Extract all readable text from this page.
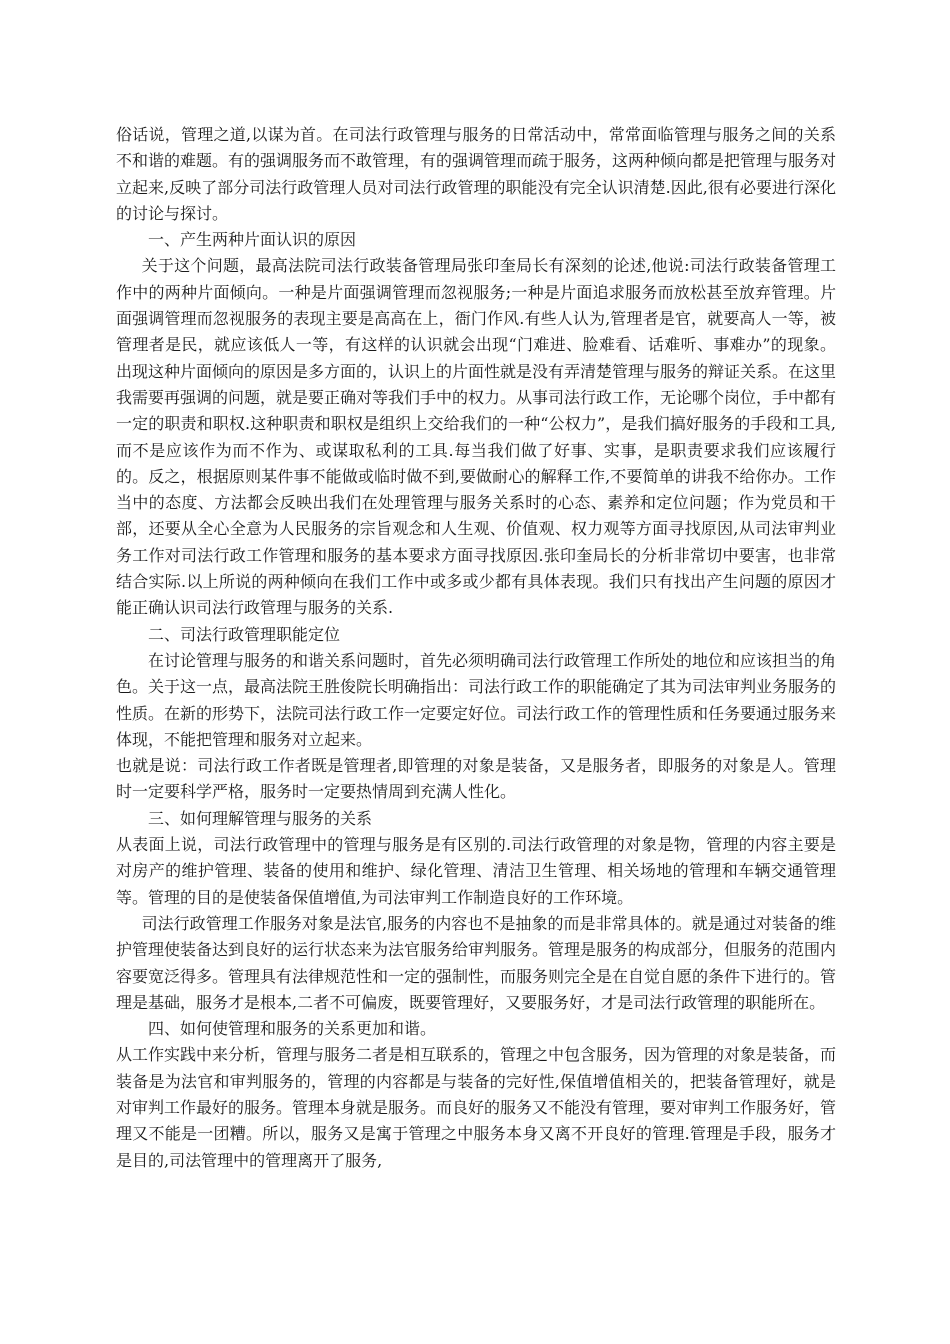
俗话说，管理之道,以谋为首。在司法行政管理与服务的日常活动中，常常面临管理与服务之间的关系不和谐的难题。有的强调服务而不敢管理，有的强调管理而疏于服务，这两种倾向都是把管理与服务对立起来,反映了部分司法行政管理人员对司法行政管理的职能没有完全认识清楚.因此,很有必要进行深化的讨论与探讨。

一、产生两种片面认识的原因

关于这个问题，最高法院司法行政装备管理局张印奎局长有深刻的论述,他说:司法行政装备管理工作中的两种片面倾向。一种是片面强调管理而忽视服务;一种是片面追求服务而放松甚至放弃管理。片面强调管理而忽视服务的表现主要是高高在上，衙门作风.有些人认为,管理者是官，就要高人一等，被管理者是民，就应该低人一等，有这样的认识就会出现“门难进、脸难看、话难听、事难办”的现象。出现这种片面倾向的原因是多方面的，认识上的片面性就是没有弄清楚管理与服务的辩证关系。在这里我需要再强调的问题，就是要正确对等我们手中的权力。从事司法行政工作，无论哪个岗位，手中都有一定的职责和职权.这种职责和职权是组织上交给我们的一种“公权力”，是我们搞好服务的手段和工具,而不是应该作为而不作为、或谋取私利的工具.每当我们做了好事、实事，是职责要求我们应该履行的。反之，根据原则某件事不能做或临时做不到,要做耐心的解释工作,不要简单的讲我不给你办。工作当中的态度、方法都会反映出我们在处理管理与服务关系时的心态、素养和定位问题；作为党员和干部，还要从全心全意为人民服务的宗旨观念和人生观、价值观、权力观等方面寻找原因,从司法审判业务工作对司法行政工作管理和服务的基本要求方面寻找原因.张印奎局长的分析非常切中要害，也非常结合实际.以上所说的两种倾向在我们工作中或多或少都有具体表现。我们只有找出产生问题的原因才能正确认识司法行政管理与服务的关系.

二、司法行政管理职能定位

在讨论管理与服务的和谐关系问题时，首先必须明确司法行政管理工作所处的地位和应该担当的角色。关于这一点，最高法院王胜俊院长明确指出：司法行政工作的职能确定了其为司法审判业务服务的性质。在新的形势下，法院司法行政工作一定要定好位。司法行政工作的管理性质和任务要通过服务来体现，不能把管理和服务对立起来。

也就是说：司法行政工作者既是管理者,即管理的对象是装备，又是服务者，即服务的对象是人。管理时一定要科学严格，服务时一定要热情周到充满人性化。

三、如何理解管理与服务的关系

从表面上说，司法行政管理中的管理与服务是有区别的.司法行政管理的对象是物，管理的内容主要是对房产的维护管理、装备的使用和维护、绿化管理、清洁卫生管理、相关场地的管理和车辆交通管理等。管理的目的是使装备保值增值,为司法审判工作制造良好的工作环境。

司法行政管理工作服务对象是法官,服务的内容也不是抽象的而是非常具体的。就是通过对装备的维护管理使装备达到良好的运行状态来为法官服务给审判服务。管理是服务的构成部分，但服务的范围内容要宽泛得多。管理具有法律规范性和一定的强制性，而服务则完全是在自觉自愿的条件下进行的。管理是基础，服务才是根本,二者不可偏废，既要管理好，又要服务好，才是司法行政管理的职能所在。

四、如何使管理和服务的关系更加和谐。

从工作实践中来分析，管理与服务二者是相互联系的，管理之中包含服务，因为管理的对象是装备，而装备是为法官和审判服务的，管理的内容都是与装备的完好性,保值增值相关的，把装备管理好，就是对审判工作最好的服务。管理本身就是服务。而良好的服务又不能没有管理，要对审判工作服务好，管理又不能是一团糟。所以，服务又是寓于管理之中服务本身又离不开良好的管理.管理是手段，服务才是目的,司法管理中的管理离开了服务,
